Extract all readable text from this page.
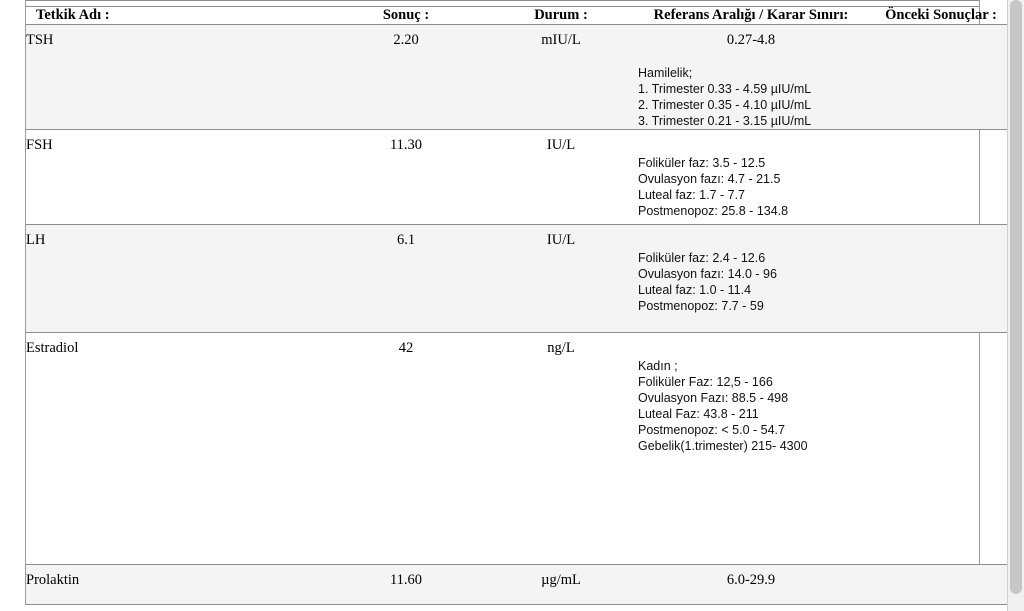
Tetkik Adı :	Sonuç :	Durum :	Referans Aralığı / Karar Sınırı:	Önceki Sonuçlar :
TSH	2.20	mIU/L	0.27-4.8
Hamilelik;
1. Trimester 0.33 - 4.59 µIU/mL
2. Trimester 0.35 - 4.10 µIU/mL
3. Trimester 0.21 - 3.15 µIU/mL	

FSH	11.30	IU/L	Foliküler faz: 3.5 - 12.5
Ovulasyon fazı: 4.7 - 21.5
Luteal faz: 1.7 - 7.7
Postmenopoz: 25.8 - 134.8	

LH	6.1	IU/L	Foliküler faz: 2.4 - 12.6
Ovulasyon fazı: 14.0 - 96
Luteal faz: 1.0 - 11.4
Postmenopoz: 7.7 - 59	

Estradiol	42	ng/L	
Kadın ;
Foliküler Faz: 12,5 - 166
Ovulasyon Fazı: 88.5 - 498
Luteal Faz: 43.8 - 211
Postmenopoz: < 5.0 - 54.7
Gebelik(1.trimester) 215- 4300

Prolaktin	11.60	µg/mL	6.0-29.9	
